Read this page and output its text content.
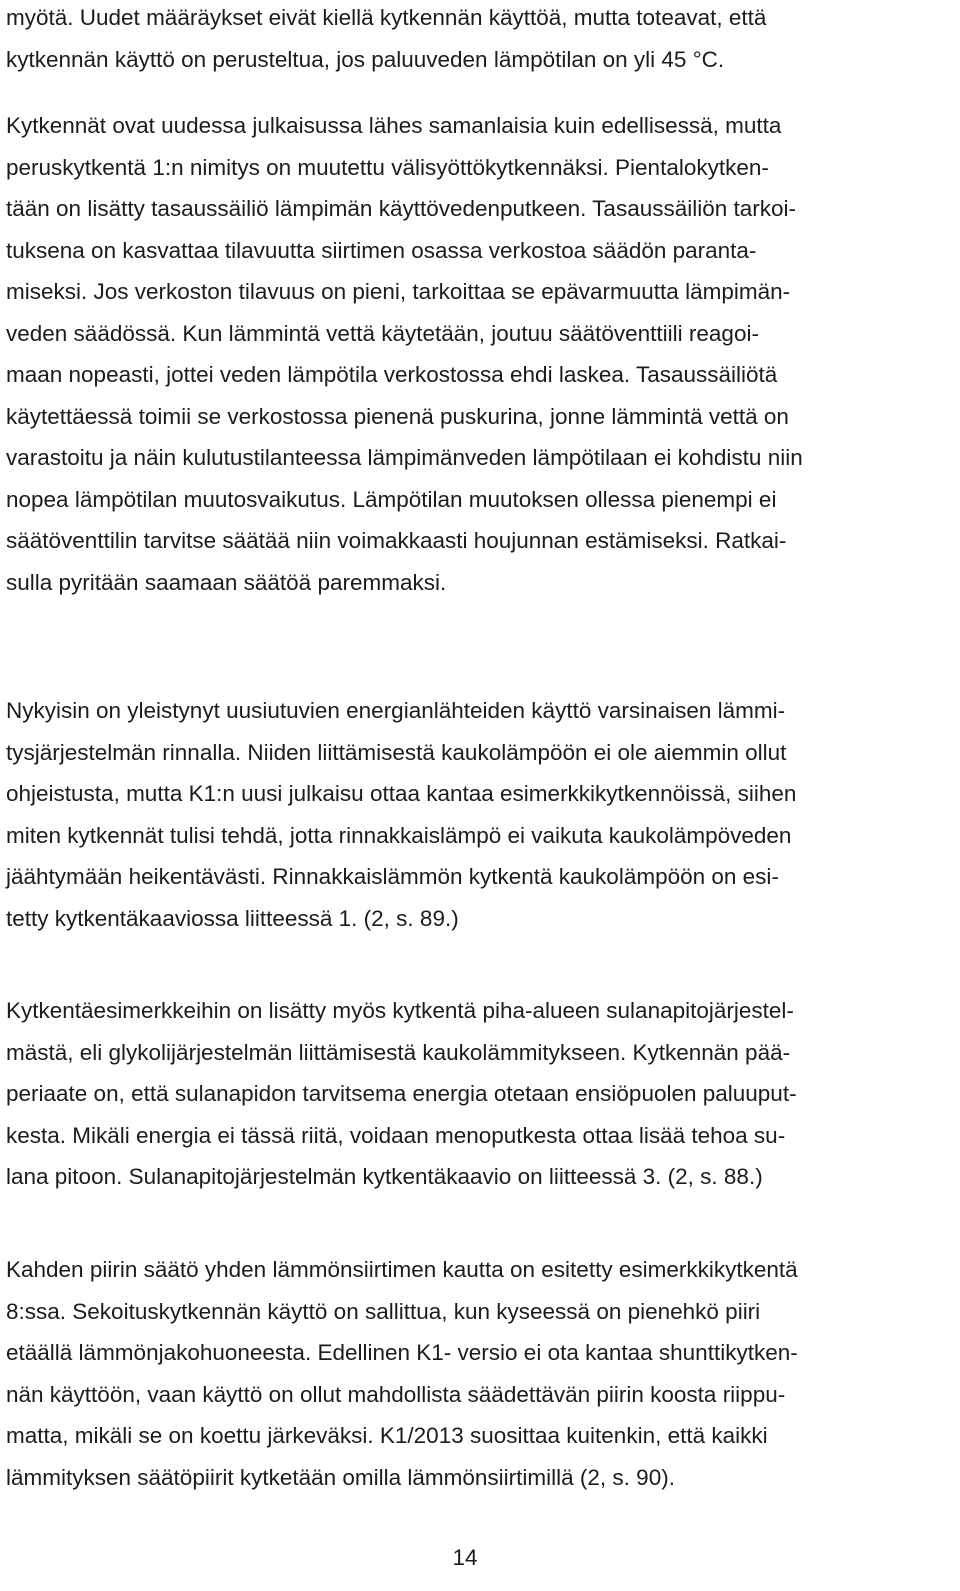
myötä. Uudet määräykset eivät kiellä kytkennän käyttöä, mutta toteavat, että
kytkennän käyttö on perusteltua, jos paluuveden lämpötilan on yli 45 °C.
Kytkennät ovat uudessa julkaisussa lähes samanlaisia kuin edellisessä, mutta
peruskytkentä 1:n nimitys on muutettu välisyöttökytkennäksi. Pientalokytken-
tään on lisätty tasaussäiliö lämpimän käyttövedenputkeen. Tasaussäiliön tarkoi-
tuksena on kasvattaa tilavuutta siirtimen osassa verkostoa säädön paranta-
miseksi. Jos verkoston tilavuus on pieni, tarkoittaa se epävarmuutta lämpimän-
veden säädössä. Kun lämmintä vettä käytetään, joutuu säätöventtiili reagoi-
maan nopeasti, jottei veden lämpötila verkostossa ehdi laskea. Tasaussäiliötä
käytettäessä toimii se verkostossa pienenä puskurina, jonne lämmintä vettä on
varastoitu ja näin kulutustilanteessa lämpimänveden lämpötilaan ei kohdistu niin
nopea lämpötilan muutosvaikutus. Lämpötilan muutoksen ollessa pienempi ei
säätöventtilin tarvitse säätää niin voimakkaasti houjunnan estämiseksi. Ratkai-
sulla pyritään saamaan säätöä paremmaksi.
Nykyisin on yleistynyt uusiutuvien energianlähteiden käyttö varsinaisen lämmi-
tysjärjestelmän rinnalla. Niiden liittämisestä kaukolämpöön ei ole aiemmin ollut
ohjeistusta, mutta K1:n uusi julkaisu ottaa kantaa esimerkkikytkennöissä, siihen
miten kytkennät tulisi tehdä, jotta rinnakkaislämpö ei vaikuta kaukolämpöveden
jäähtymään heikentävästi. Rinnakkaislämmön kytkentä kaukolämpöön on esi-
tetty kytkentäkaaviossa liitteessä 1. (2, s. 89.)
Kytkentäesimerkkeihin on lisätty myös kytkentä piha-alueen sulanapitojärjestel-
mästä, eli glykolijärjestelmän liittämisestä kaukolämmitykseen. Kytkennän pää-
periaate on, että sulanapidon tarvitsema energia otetaan ensiöpuolen paluuput-
kesta. Mikäli energia ei tässä riitä, voidaan menoputkesta ottaa lisää tehoa su-
lana pitoon. Sulanapitojärjestelmän kytkentäkaavio on liitteessä 3. (2, s. 88.)
Kahden piirin säätö yhden lämmönsiirtimen kautta on esitetty esimerkkikytkentä
8:ssa. Sekoituskytkennän käyttö on sallittua, kun kyseessä on pienehkö piiri
etäällä lämmönjakohuoneesta. Edellinen K1- versio ei ota kantaa shunttikytken-
nän käyttöön, vaan käyttö on ollut mahdollista säädettävän piirin koosta riippu-
matta, mikäli se on koettu järkeväksi. K1/2013 suosittaa kuitenkin, että kaikki
lämmityksen säätöpiirit kytketään omilla lämmönsiirtimillä (2, s. 90).
14
